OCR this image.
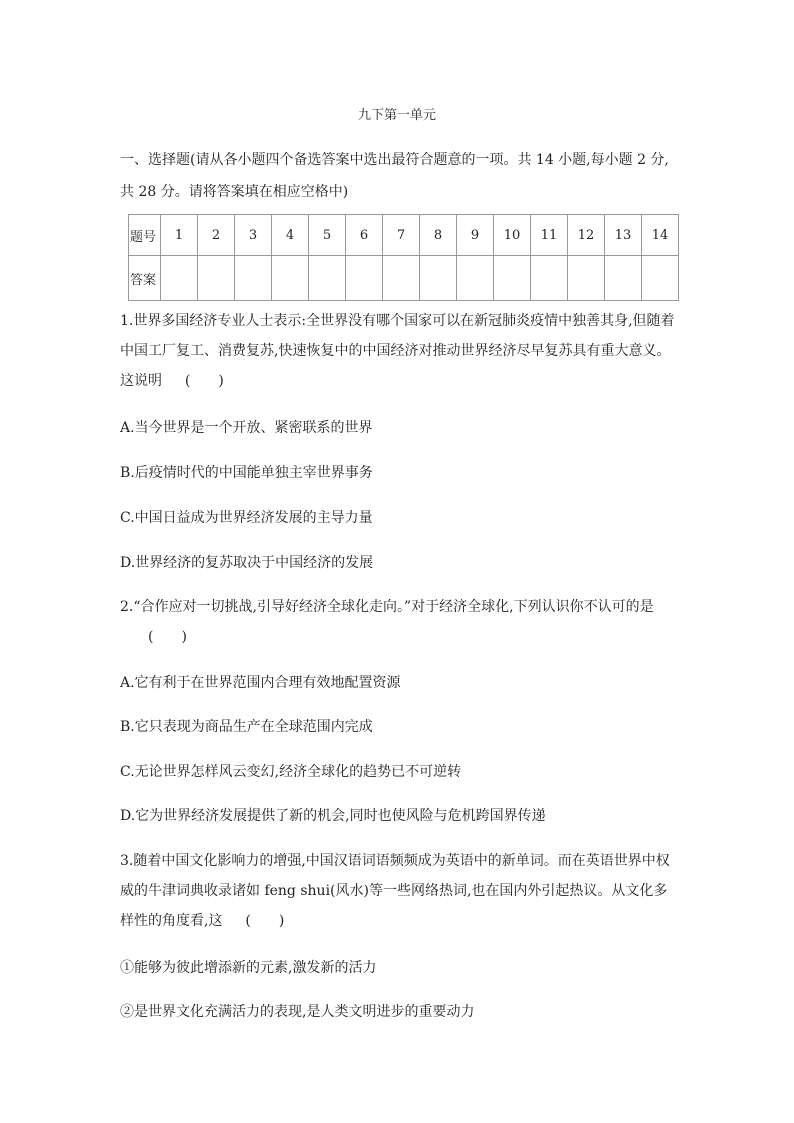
九下第一单元
一、选择题(请从各小题四个备选答案中选出最符合题意的一项。共 14 小题,每小题 2 分,共 28 分。请将答案填在相应空格中)
题号	1	2	3	4	5	6	7	8	9	10	11	12	13	14
答案														
1.世界多国经济专业人士表示:全世界没有哪个国家可以在新冠肺炎疫情中独善其身,但随着中国工厂复工、消费复苏,快速恢复中的中国经济对推动世界经济尽早复苏具有重大意义。这说明 (　　)
A.当今世界是一个开放、紧密联系的世界
B.后疫情时代的中国能单独主宰世界事务
C.中国日益成为世界经济发展的主导力量
D.世界经济的复苏取决于中国经济的发展
2.“合作应对一切挑战,引导好经济全球化走向。”对于经济全球化,下列认识你不认可的是
(　　)
A.它有利于在世界范围内合理有效地配置资源
B.它只表现为商品生产在全球范围内完成
C.无论世界怎样风云变幻,经济全球化的趋势已不可逆转
D.它为世界经济发展提供了新的机会,同时也使风险与危机跨国界传递
3.随着中国文化影响力的增强,中国汉语词语频频成为英语中的新单词。而在英语世界中权威的牛津词典收录诸如 feng shui(风水)等一些网络热词,也在国内外引起热议。从文化多样性的角度看,这 (　　)
①能够为彼此增添新的元素,激发新的活力
②是世界文化充满活力的表现,是人类文明进步的重要动力
